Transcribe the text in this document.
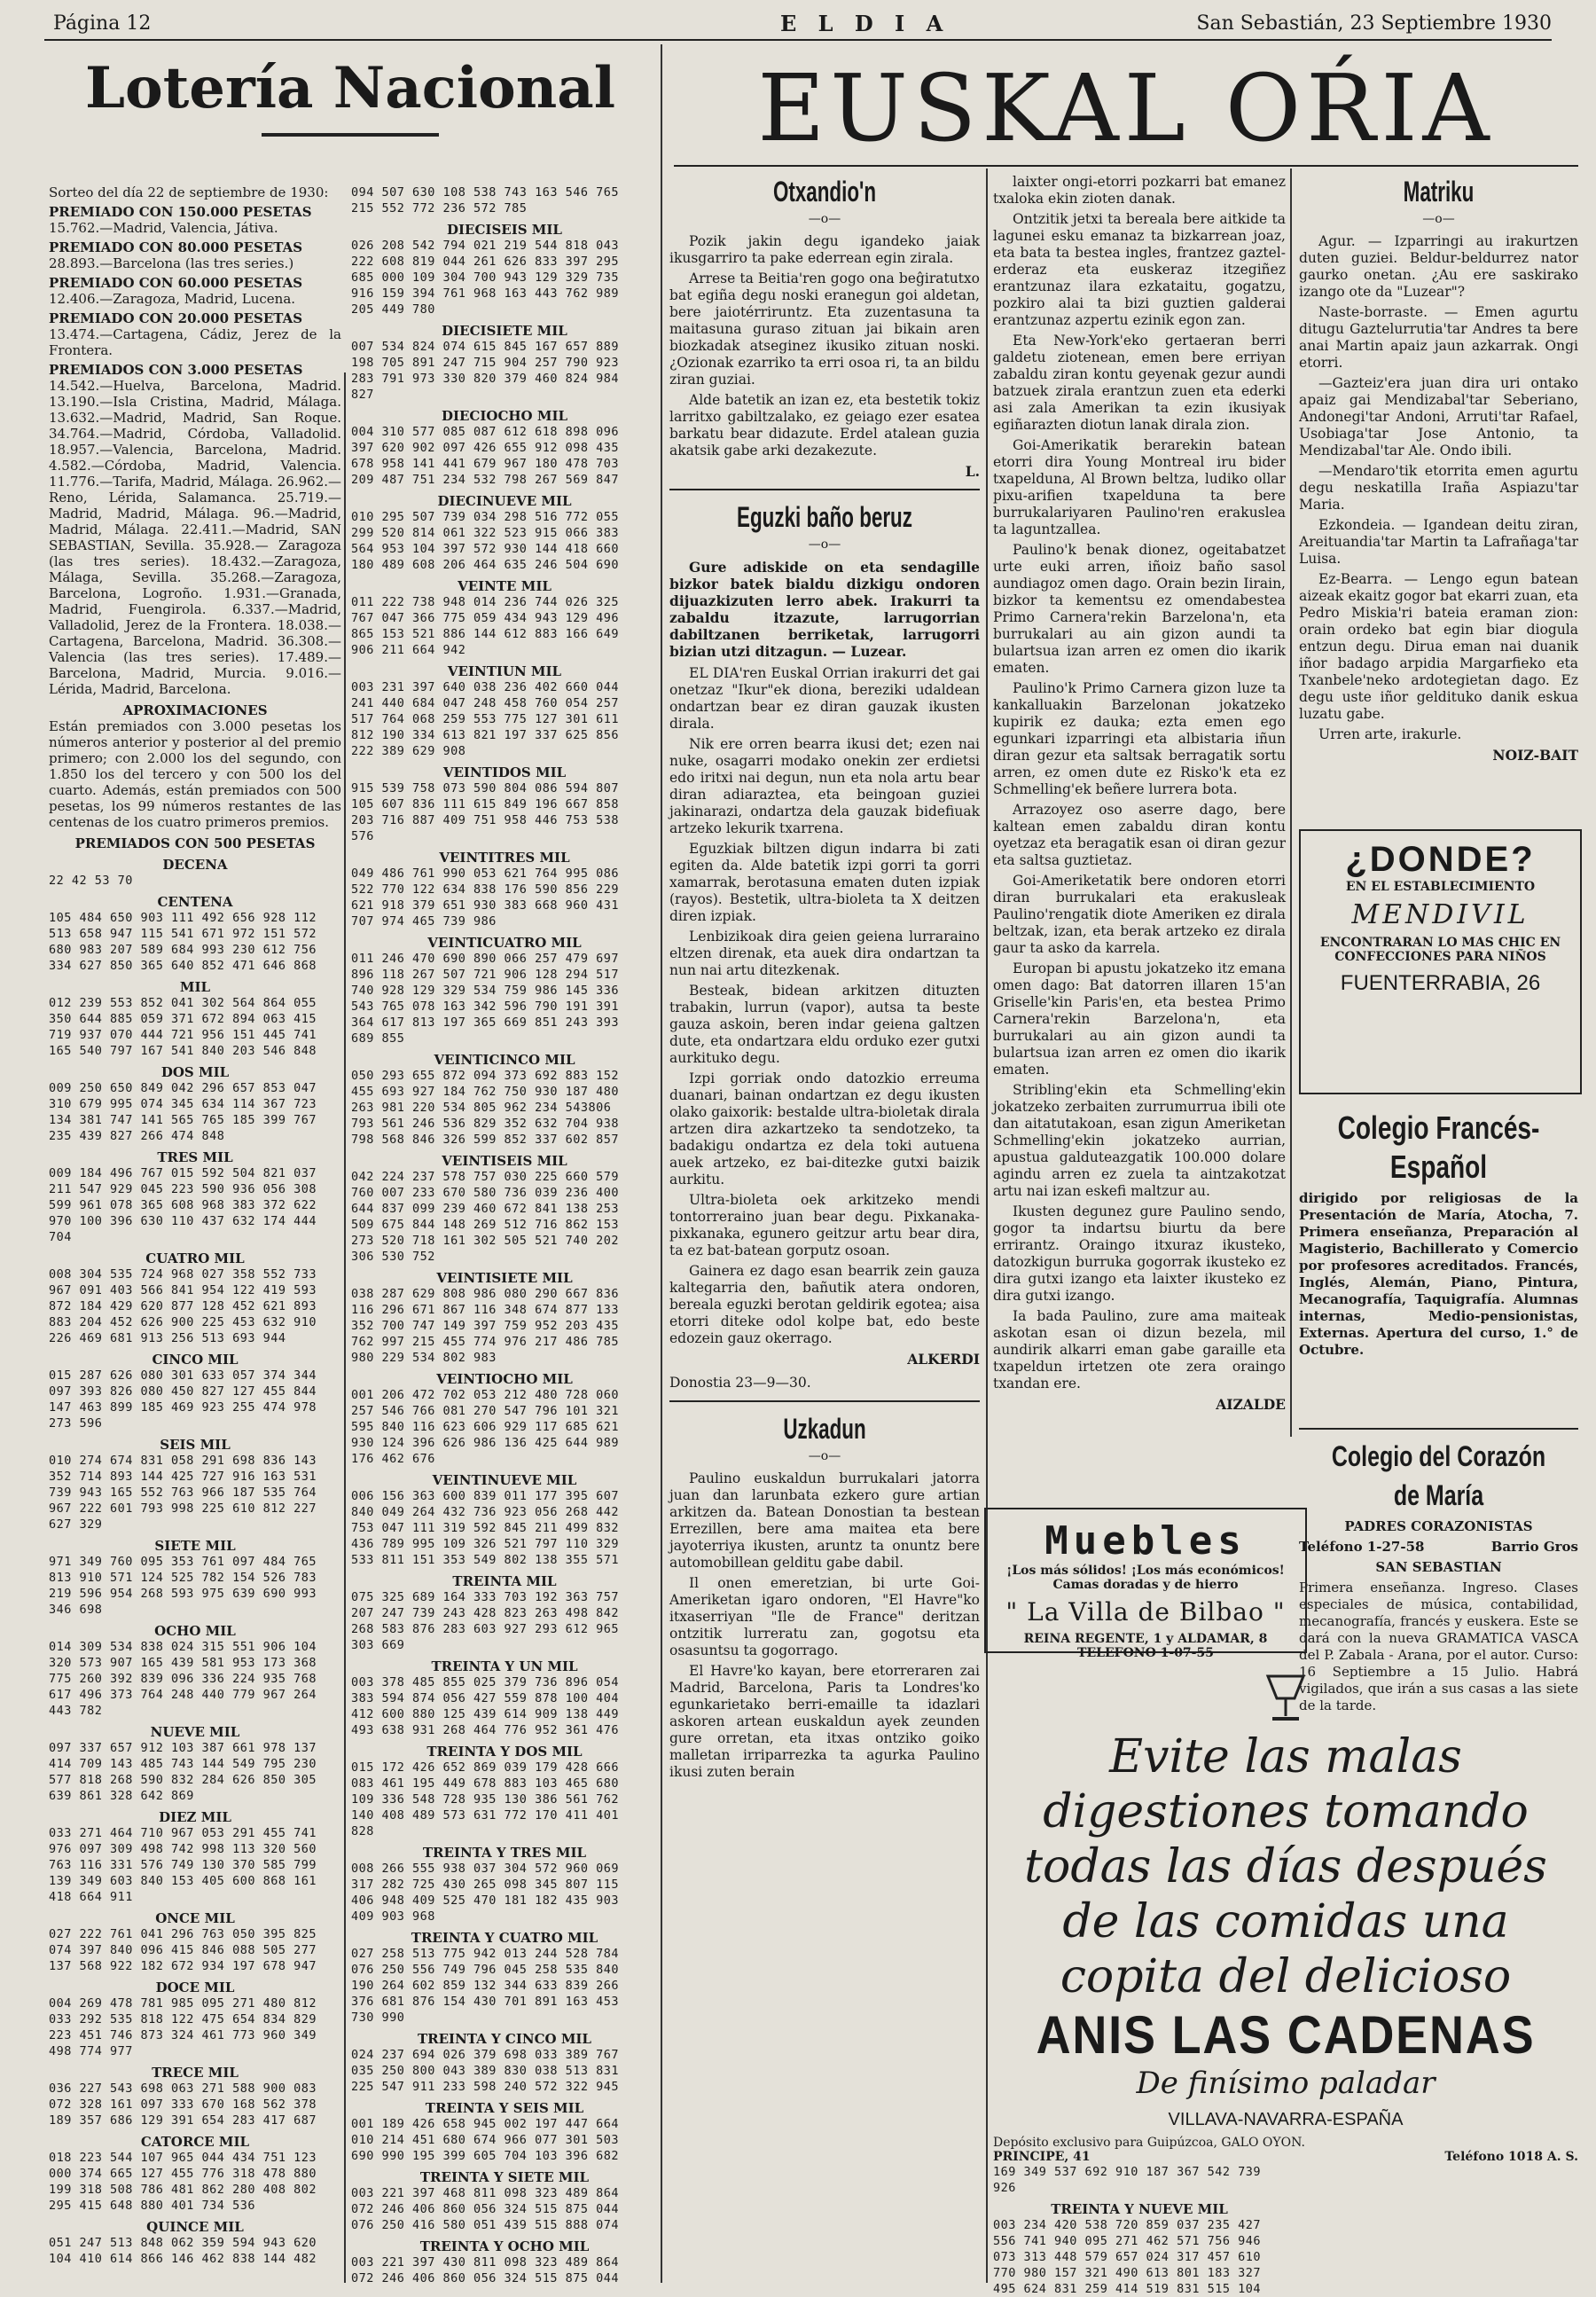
Página 12	E L D I A	San Sebastián, 23 Septiembre 1930
Lotería Nacional

Sorteo del día 22 de septiembre de 1930:

PREMIADO CON 150.000 PESETAS

15.762.—Madrid, Valencia, Játiva.

PREMIADO CON 80.000 PESETAS

28.893.—Barcelona (las tres series.)

PREMIADO CON 60.000 PESETAS

12.406.—Zaragoza, Madrid, Lucena.

PREMIADO CON 20.000 PESETAS

13.474.—Cartagena, Cádiz, Jerez de la Frontera.

PREMIADOS CON 3.000 PESETAS

14.542.—Huelva, Barcelona, Madrid. 13.190.—Isla Cristina, Madrid, Málaga. 13.632.—Madrid, Madrid, San Roque. 34.764.—Madrid, Córdoba, Valladolid. 18.957.—Valencia, Barcelona, Madrid. 4.582.—Córdoba, Madrid, Valencia. 11.776.—Tarifa, Madrid, Málaga. 26.962.—Reno, Lérida, Salamanca. 25.719.—Madrid, Madrid, Málaga. 96.—Madrid, Madrid, Málaga. 22.411.—Madrid, SAN SEBASTIAN, Sevilla. 35.928.— Zaragoza (las tres series). 18.432.—Zaragoza, Málaga, Sevilla. 35.268.—Zaragoza, Barcelona, Logroño. 1.931.—Granada, Madrid, Fuengirola. 6.337.—Madrid, Valladolid, Jerez de la Frontera. 18.038.—Cartagena, Barcelona, Madrid. 36.308.—Valencia (las tres series). 17.489.—Barcelona, Madrid, Murcia. 9.016.—Lérida, Madrid, Barcelona.

APROXIMACIONES

Están premiados con 3.000 pesetas los números anterior y posterior al del premio primero; con 2.000 los del segundo, con 1.850 los del tercero y con 500 los del cuarto. Además, están premiados con 500 pesetas, los 99 números restantes de las centenas de los cuatro primeros premios.

PREMIADOS CON 500 PESETAS

DECENA

22 42 53 70

CENTENA
105 484 650 903 111 492 656 928 112
513 658 947 115 541 671 972 151 572
680 983 207 589 684 993 230 612 756
334 627 850 365 640 852 471 646 868
MIL
012 239 553 852 041 302 564 864 055
350 644 885 059 371 672 894 063 415
719 937 070 444 721 956 151 445 741
165 540 797 167 541 840 203 546 848
DOS MIL
009 250 650 849 042 296 657 853 047
310 679 995 074 345 634 114 367 723
134 381 747 141 565 765 185 399 767
235 439 827 266 474 848
TRES MIL
009 184 496 767 015 592 504 821 037
211 547 929 045 223 590 936 056 308
599 961 078 365 608 968 383 372 622
970 100 396 630 110 437 632 174 444
704
CUATRO MIL
008 304 535 724 968 027 358 552 733
967 091 403 566 841 954 122 419 593
872 184 429 620 877 128 452 621 893
883 204 452 626 900 225 453 632 910
226 469 681 913 256 513 693 944
CINCO MIL
015 287 626 080 301 633 057 374 344
097 393 826 080 450 827 127 455 844
147 463 899 185 469 923 255 474 978
273 596
SEIS MIL
010 274 674 831 058 291 698 836 143
352 714 893 144 425 727 916 163 531
739 943 165 552 763 966 187 535 764
967 222 601 793 998 225 610 812 227
627 329
SIETE MIL
971 349 760 095 353 761 097 484 765
813 910 571 124 525 782 154 526 783
219 596 954 268 593 975 639 690 993
346 698
OCHO MIL
014 309 534 838 024 315 551 906 104
320 573 907 165 439 581 953 173 368
775 260 392 839 096 336 224 935 768
617 496 373 764 248 440 779 967 264
443 782
NUEVE MIL
097 337 657 912 103 387 661 978 137
414 709 143 485 743 144 549 795 230
577 818 268 590 832 284 626 850 305
639 861 328 642 869
DIEZ MIL
033 271 464 710 967 053 291 455 741
976 097 309 498 742 998 113 320 560
763 116 331 576 749 130 370 585 799
139 349 603 840 153 405 600 868 161
418 664 911
ONCE MIL
027 222 761 041 296 763 050 395 825
074 397 840 096 415 846 088 505 277
137 568 922 182 672 934 197 678 947
DOCE MIL
004 269 478 781 985 095 271 480 812
033 292 535 818 122 475 654 834 829
223 451 746 873 324 461 773 960 349
498 774 977
TRECE MIL
036 227 543 698 063 271 588 900 083
072 328 161 097 333 670 168 562 378
189 357 686 129 391 654 283 417 687
CATORCE MIL
018 223 544 107 965 044 434 751 123
000 374 665 127 455 776 318 478 880
199 318 508 786 481 862 280 408 802
295 415 648 880 401 734 536
QUINCE MIL
051 247 513 848 062 359 594 943 620
104 410 614 866 146 462 838 144 482
094 507 630 108 538 743 163 546 765
215 552 772 236 572 785
DIECISEIS MIL
026 208 542 794 021 219 544 818 043
222 608 819 044 261 626 833 397 295
685 000 109 304 700 943 129 329 735
916 159 394 761 968 163 443 762 989
205 449 780
DIECISIETE MIL
007 534 824 074 615 845 167 657 889
198 705 891 247 715 904 257 790 923
283 791 973 330 820 379 460 824 984
827
DIECIOCHO MIL
004 310 577 085 087 612 618 898 096
397 620 902 097 426 655 912 098 435
678 958 141 441 679 967 180 478 703
209 487 751 234 532 798 267 569 847
DIECINUEVE MIL
010 295 507 739 034 298 516 772 055
299 520 814 061 322 523 915 066 383
564 953 104 397 572 930 144 418 660
180 489 608 206 464 635 246 504 690
VEINTE MIL
011 222 738 948 014 236 744 026 325
767 047 366 775 059 434 943 129 496
865 153 521 886 144 612 883 166 649
906 211 664 942
VEINTIUN MIL
003 231 397 640 038 236 402 660 044
241 440 684 047 248 458 760 054 257
517 764 068 259 553 775 127 301 611
812 190 334 613 821 197 337 625 856
222 389 629 908
VEINTIDOS MIL
915 539 758 073 590 804 086 594 807
105 607 836 111 615 849 196 667 858
203 716 887 409 751 958 446 753 538
576
VEINTITRES MIL
049 486 761 990 053 621 764 995 086
522 770 122 634 838 176 590 856 229
621 918 379 651 930 383 668 960 431
707 974 465 739 986
VEINTICUATRO MIL
011 246 470 690 890 066 257 479 697
896 118 267 507 721 906 128 294 517
740 928 129 329 534 759 986 145 336
543 765 078 163 342 596 790 191 391
364 617 813 197 365 669 851 243 393
689 855
VEINTICINCO MIL
050 293 655 872 094 373 692 883 152
455 693 927 184 762 750 930 187 480
263 981 220 534 805 962 234 543806
793 561 246 536 829 352 632 704 938
798 568 846 326 599 852 337 602 857
VEINTISEIS MIL
042 224 237 578 757 030 225 660 579
760 007 233 670 580 736 039 236 400
644 837 099 239 460 672 841 138 253
509 675 844 148 269 512 716 862 153
273 520 718 161 302 505 521 740 202
306 530 752
VEINTISIETE MIL
038 287 629 808 986 080 290 667 836
116 296 671 867 116 348 674 877 133
352 700 747 149 397 759 952 203 435
762 997 215 455 774 976 217 486 785
980 229 534 802 983
VEINTIOCHO MIL
001 206 472 702 053 212 480 728 060
257 546 766 081 270 547 796 101 321
595 840 116 623 606 929 117 685 621
930 124 396 626 986 136 425 644 989
176 462 676
VEINTINUEVE MIL
006 156 363 600 839 011 177 395 607
840 049 264 432 736 923 056 268 442
753 047 111 319 592 845 211 499 832
436 789 995 109 326 521 797 110 329
533 811 151 353 549 802 138 355 571
TREINTA MIL
075 325 689 164 333 703 192 363 757
207 247 739 243 428 823 263 498 842
268 583 876 283 603 927 293 612 965
303 669
TREINTA Y UN MIL
003 378 485 855 025 379 736 896 054
383 594 874 056 427 559 878 100 404
412 600 880 125 439 614 909 138 449
493 638 931 268 464 776 952 361 476
TREINTA Y DOS MIL
015 172 426 652 869 039 179 428 666
083 461 195 449 678 883 103 465 680
109 336 548 728 935 130 386 561 762
140 408 489 573 631 772 170 411 401
828
TREINTA Y TRES MIL
008 266 555 938 037 304 572 960 069
317 282 725 430 265 098 345 807 115
406 948 409 525 470 181 182 435 903
409 903 968
TREINTA Y CUATRO MIL
027 258 513 775 942 013 244 528 784
076 250 556 749 796 045 258 535 840
190 264 602 859 132 344 633 839 266
376 681 876 154 430 701 891 163 453
730 990
TREINTA Y CINCO MIL
024 237 694 026 379 698 033 389 767
035 250 800 043 389 830 038 513 831
225 547 911 233 598 240 572 322 945
TREINTA Y SEIS MIL
001 189 426 658 945 002 197 447 664
010 214 451 680 674 966 077 301 503
690 990 195 399 605 704 103 396 682
TREINTA Y SIETE MIL
003 221 397 468 811 098 323 489 864
072 246 406 860 056 324 515 875 044
076 250 416 580 051 439 515 888 074
TREINTA Y OCHO MIL
003 221 397 430 811 098 323 489 864
072 246 406 860 056 324 515 875 044
EUSKAL OŔIA
Otxandio'n
—o—

Pozik jakin degu igandeko jaiak ikusgarriro ta pake ederrean egin zirala.

Arrese ta Beitia'ren gogo ona beĝiratutxo bat egiña degu noski eranegun goi aldetan, bere jaiotérriruntz. Eta zuzentasuna ta maitasuna guraso zituan jai bikain aren biozkadak atseginez ikusiko zituan noski. ¿Ozionak ezarriko ta erri osoa ri, ta an bildu ziran guziai.

Alde batetik an izan ez, eta bestetik tokiz larritxo gabiltzalako, ez geiago ezer esatea barkatu bear didazute. Erdel atalean guzia akatsik gabe arki dezakezute.

L.
Eguzki baño beruz
—o—

Gure adiskide on eta sendagille bizkor batek bialdu dizkigu ondoren dijuazkizuten lerro abek. Irakurri ta zabaldu itzazute, larrugorrian dabiltzanen berriketak, larrugorri bizian utzi ditzagun. — Luzear.

EL DIA'ren Euskal Orrian irakurri det gai onetzaz "Ikur"ek diona, bereziki udaldean ondartzan bear ez diran gauzak ikusten dirala.

Nik ere orren bearra ikusi det; ezen nai nuke, osagarri modako onekin zer erdietsi edo iritxi nai degun, nun eta nola artu bear diran adiaraztea, eta beingoan guziei jakinarazi, ondartza dela gauzak bidefiuak artzeko lekurik txarrena.

Eguzkiak biltzen digun indarra bi zati egiten da. Alde batetik izpi gorri ta gorri xamarrak, berotasuna ematen duten izpiak (rayos). Bestetik, ultra-bioleta ta X deitzen diren izpiak.

Lenbizikoak dira geien geiena lurraraino eltzen direnak, eta auek dira ondartzan ta nun nai artu ditezkenak.

Besteak, bidean arkitzen dituzten trabakin, lurrun (vapor), autsa ta beste gauza askoin, beren indar geiena galtzen dute, eta ondartzara eldu orduko ezer gutxi aurkituko degu.

Izpi gorriak ondo datozkio erreuma duanari, bainan ondartzan ez degu ikusten olako gaixorik: bestalde ultra-bioletak dirala artzen dira azkartzeko ta sendotzeko, ta badakigu ondartza ez dela toki autuena auek artzeko, ez bai-ditezke gutxi baizik aurkitu.

Ultra-bioleta oek arkitzeko mendi tontorreraino juan bear degu. Pixkanaka-pixkanaka, egunero geitzur artu bear dira, ta ez bat-batean gorputz osoan.

Gainera ez dago esan bearrik zein gauza kaltegarria den, bañutik atera ondoren, bereala eguzki berotan geldirik egotea; aisa etorri diteke odol kolpe bat, edo beste edozein gauz okerrago.

ALKERDI

Donostia 23—9—30.

Uzkadun
—o—

Paulino euskaldun burrukalari jatorra juan dan larunbata ezkero gure artian arkitzen da. Batean Donostian ta bestean Errezillen, bere ama maitea eta bere jayoterriya ikusten, aruntz ta onuntz bere automobillean gelditu gabe dabil.

Il onen emeretzian, bi urte Goi-Ameriketan igaro ondoren, "El Havre"ko itxaserriyan "Ile de France" deritzan ontzitik lurreratu zan, gogotsu eta osasuntsu ta gogorrago.

El Havre'ko kayan, bere etorreraren zai Madrid, Barcelona, Paris ta Londres'ko egunkarietako berri-emaille ta idazlari askoren artean euskaldun ayek zeunden gure orretan, eta itxas ontziko goiko malletan irriparrezka ta agurka Paulino ikusi zuten berain

laixter ongi-etorri pozkarri bat emanez txaloka ekin zioten danak.

Ontzitik jetxi ta bereala bere aitkide ta lagunei esku emanaz ta bizkarrean joaz, eta bata ta bestea ingles, frantzez gaztel-erderaz eta euskeraz itzegiñez erantzunaz ilara ezkataitu, gogatzu, pozkiro alai ta bizi guztien galderai erantzunaz azpertu ezinik egon zan.

Eta New-York'eko gertaeran berri galdetu ziotenean, emen bere erriyan zabaldu ziran kontu geyenak gezur aundi batzuek zirala erantzun zuen eta ederki asi zala Amerikan ta ezin ikusiyak egiñarazten diotun lanak dirala zion.

Goi-Amerikatik berarekin batean etorri dira Young Montreal iru bider txapelduna, Al Brown beltza, ludiko ollar pixu-arifien txapelduna ta bere burrukalariyaren Paulino'ren erakuslea ta laguntzallea.

Paulino'k benak dionez, ogeitabatzet urte euki arren, iñoiz baño sasol aundiagoz omen dago. Orain bezin Iirain, bizkor ta kementsu ez omendabestea Primo Carnera'rekin Barzelona'n, eta burrukalari au ain gizon aundi ta bulartsua izan arren ez omen dio ikarik ematen.

Paulino'k Primo Carnera gizon luze ta kankalluakin Barzelonan jokatzeko kupirik ez dauka; ezta emen ego egunkari izparringi eta albistaria iñun diran gezur eta saltsak berragatik sortu arren, ez omen dute ez Risko'k eta ez Schmelling'ek beñere lurrera bota.

Arrazoyez oso aserre dago, bere kaltean emen zabaldu diran kontu oyetzaz eta beragatik esan oi diran gezur eta saltsa guztietaz.

Goi-Ameriketatik bere ondoren etorri diran burrukalari eta erakusleak Paulino'rengatik diote Ameriken ez dirala beltzak, izan, eta berak artzeko ez dirala gaur ta asko da karrela.

Europan bi apustu jokatzeko itz emana omen dago: Bat datorren illaren 15'an Griselle'kin Paris'en, eta bestea Primo Carnera'rekin Barzelona'n, eta burrukalari au ain gizon aundi ta bulartsua izan arren ez omen dio ikarik ematen.

Stribling'ekin eta Schmelling'ekin jokatzeko zerbaiten zurrumurrua ibili ote dan aitatutakoan, esan zigun Ameriketan Schmelling'ekin jokatzeko aurrian, apustua galduteazgatik 100.000 dolare agindu arren ez zuela ta aintzakotzat artu nai izan eskefi maltzur au.

Ikusten degunez gure Paulino sendo, gogor ta indartsu biurtu da bere errirantz. Oraingo itxuraz ikusteko, datozkigun burruka gogorrak ikusteko ez dira gutxi izango eta laixter ikusteko ez dira gutxi izango.

Ia bada Paulino, zure ama maiteak askotan esan oi dizun bezela, mil aundirik alkarri eman gabe garaille eta txapeldun irtetzen ote zera oraingo txandan ere.

AIZALDE
Matriku
—o—

Agur. — Izparringi au irakurtzen duten guziei. Beldur-beldurrez nator gaurko onetan. ¿Au ere saskirako izango ote da "Luzear"?

Naste-borraste. — Emen agurtu ditugu Gaztelurrutia'tar Andres ta bere anai Martin apaiz jaun azkarrak. Ongi etorri.

—Gazteiz'era juan dira uri ontako apaiz gai Mendizabal'tar Seberiano, Andonegi'tar Andoni, Arruti'tar Rafael, Usobiaga'tar Jose Antonio, ta Mendizabal'tar Ale. Ondo ibili.

—Mendaro'tik etorrita emen agurtu degu neskatilla Iraña Aspiazu'tar Maria.

Ezkondeia. — Igandean deitu ziran, Areituandia'tar Martin ta Lafrañaga'tar Luisa.

Ez-Bearra. — Lengo egun batean aizeak ekaitz gogor bat ekarri zuan, eta Pedro Miskia'ri bateia eraman zion: orain ordeko bat egin biar diogula entzun degu. Dirua eman nai duanik iñor badago arpidia Margarfieko eta Txanbele'neko ardotegietan dago. Ez degu uste iñor geldituko danik eskua luzatu gabe.

Urren arte, irakurle.

NOIZ-BAIT
¿DONDE?
EN EL ESTABLECIMIENTO
MENDIVIL
ENCONTRARAN LO MAS CHIC EN CONFECCIONES PARA NIÑOS
FUENTERRABIA, 26
Colegio Francés-Español

dirigido por religiosas de la Presentación de María, Atocha, 7. Primera enseñanza, Preparación al Magisterio, Bachillerato y Comercio por profesores acreditados. Francés, Inglés, Alemán, Piano, Pintura, Mecanografía, Taquigrafía. Alumnas internas, Medio-pensionistas, Externas. Apertura del curso, 1.° de Octubre.

Colegio del Corazón de María
PADRES CORAZONISTAS
Teléfono 1-27-58	Barrio Gros
SAN SEBASTIAN

Primera enseñanza. Ingreso. Clases especiales de música, contabilidad, mecanografía, francés y euskera. Este se dará con la nueva GRAMATICA VASCA del P. Zabala - Arana, por el autor. Curso: 16 Septiembre a 15 Julio. Habrá vigilados, que irán a sus casas a las siete de la tarde.

Muebles
¡Los más sólidos! ¡Los más económicos!
Camas doradas y de hierro
" La Villa de Bilbao "
REINA REGENTE, 1 y ALDAMAR, 8
TELEFONO 1-07-55
Evite las malas digestiones tomando todas las días después de las comidas una copita del delicioso
ANIS LAS CADENAS
De finísimo paladar
VILLAVA-NAVARRA-ESPAÑA
Depósito exclusivo para Guipúzcoa, GALO OYON.
PRINCIPE, 41	Teléfono 1018 A. S.
169 349 537 692 910 187 367 542 739
926
TREINTA Y NUEVE MIL
003 234 420 538 720 859 037 235 427
556 741 940 095 271 462 571 756 946
073 313 448 579 657 024 317 457 610
770 980 157 321 490 613 801 183 327
495 624 831 259 414 519 831 515 104
